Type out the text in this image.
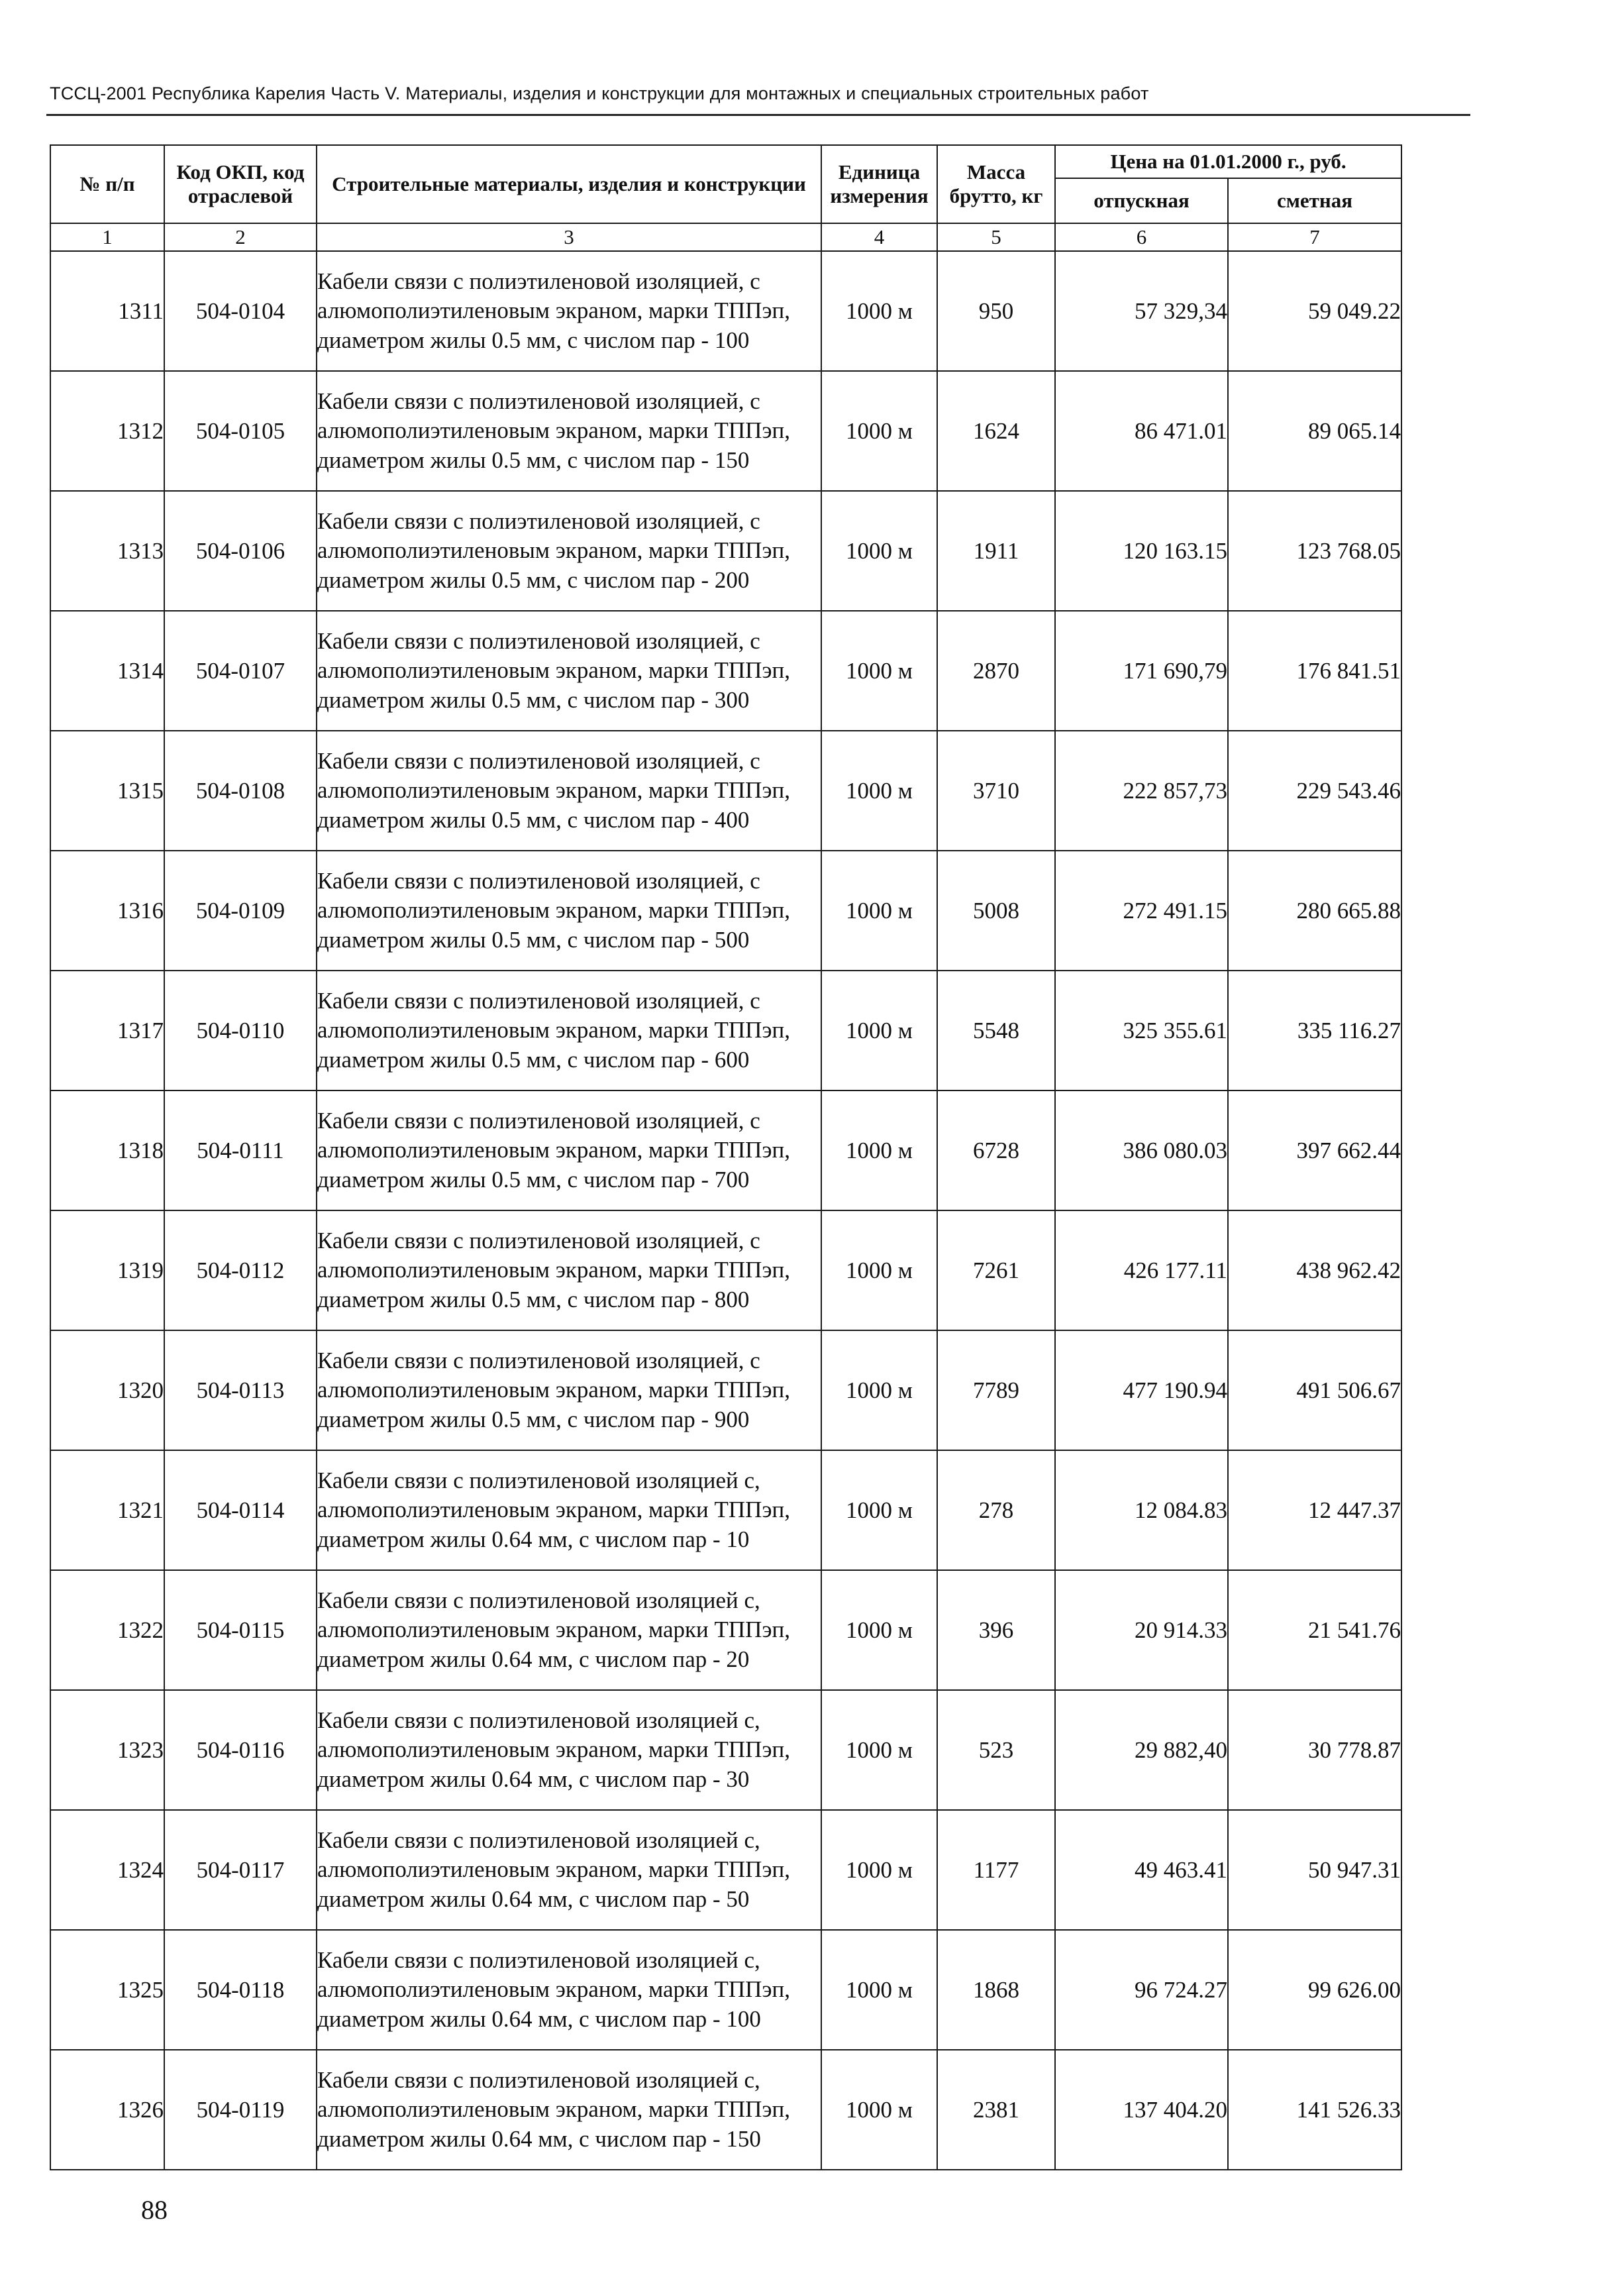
ТССЦ-2001 Республика Карелия Часть V. Материалы, изделия и конструкции для монтажных и специальных строительных работ
№ п/п	Код ОКП, код отраслевой	Строительные материалы, изделия и конструкции	Единица измерения	Масса брутто, кг	Цена на 01.01.2000 г., руб.	
					отпускная	сметная
1	2	3	4	5	6	7
1311	504-0104	Кабели связи с полиэтиленовой изоляцией, с алюмополиэтиленовым экраном, марки ТППэп, диаметром жилы 0.5 мм, с числом пар - 100	1000 м	950	57 329,34	59 049.22
1312	504-0105	Кабели связи с полиэтиленовой изоляцией, с алюмополиэтиленовым экраном, марки ТППэп, диаметром жилы 0.5 мм, с числом пар - 150	1000 м	1624	86 471.01	89 065.14
1313	504-0106	Кабели связи с полиэтиленовой изоляцией, с алюмополиэтиленовым экраном, марки ТППэп, диаметром жилы 0.5 мм, с числом пар - 200	1000 м	1911	120 163.15	123 768.05
1314	504-0107	Кабели связи с полиэтиленовой изоляцией, с алюмополиэтиленовым экраном, марки ТППэп, диаметром жилы 0.5 мм, с числом пар - 300	1000 м	2870	171 690,79	176 841.51
1315	504-0108	Кабели связи с полиэтиленовой изоляцией, с алюмополиэтиленовым экраном, марки ТППэп, диаметром жилы 0.5 мм, с числом пар - 400	1000 м	3710	222 857,73	229 543.46
1316	504-0109	Кабели связи с полиэтиленовой изоляцией, с алюмополиэтиленовым экраном, марки ТППэп, диаметром жилы 0.5 мм, с числом пар - 500	1000 м	5008	272 491.15	280 665.88
1317	504-0110	Кабели связи с полиэтиленовой изоляцией, с алюмополиэтиленовым экраном, марки ТППэп, диаметром жилы 0.5 мм, с числом пар - 600	1000 м	5548	325 355.61	335 116.27
1318	504-0111	Кабели связи с полиэтиленовой изоляцией, с алюмополиэтиленовым экраном, марки ТППэп, диаметром жилы 0.5 мм, с числом пар - 700	1000 м	6728	386 080.03	397 662.44
1319	504-0112	Кабели связи с полиэтиленовой изоляцией, с алюмополиэтиленовым экраном, марки ТППэп, диаметром жилы 0.5 мм, с числом пар - 800	1000 м	7261	426 177.11	438 962.42
1320	504-0113	Кабели связи с полиэтиленовой изоляцией, с алюмополиэтиленовым экраном, марки ТППэп, диаметром жилы 0.5 мм, с числом пар - 900	1000 м	7789	477 190.94	491 506.67
1321	504-0114	Кабели связи с полиэтиленовой изоляцией с, алюмополиэтиленовым экраном, марки ТППэп, диаметром жилы 0.64 мм, с числом пар - 10	1000 м	278	12 084.83	12 447.37
1322	504-0115	Кабели связи с полиэтиленовой изоляцией с, алюмополиэтиленовым экраном, марки ТППэп, диаметром жилы 0.64 мм, с числом пар - 20	1000 м	396	20 914.33	21 541.76
1323	504-0116	Кабели связи с полиэтиленовой изоляцией с, алюмополиэтиленовым экраном, марки ТППэп, диаметром жилы 0.64 мм, с числом пар - 30	1000 м	523	29 882,40	30 778.87
1324	504-0117	Кабели связи с полиэтиленовой изоляцией с, алюмополиэтиленовым экраном, марки ТППэп, диаметром жилы 0.64 мм, с числом пар - 50	1000 м	1177	49 463.41	50 947.31
1325	504-0118	Кабели связи с полиэтиленовой изоляцией с, алюмополиэтиленовым экраном, марки ТППэп, диаметром жилы 0.64 мм, с числом пар - 100	1000 м	1868	96 724.27	99 626.00
1326	504-0119	Кабели связи с полиэтиленовой изоляцией с, алюмополиэтиленовым экраном, марки ТППэп, диаметром жилы 0.64 мм, с числом пар - 150	1000 м	2381	137 404.20	141 526.33
88
